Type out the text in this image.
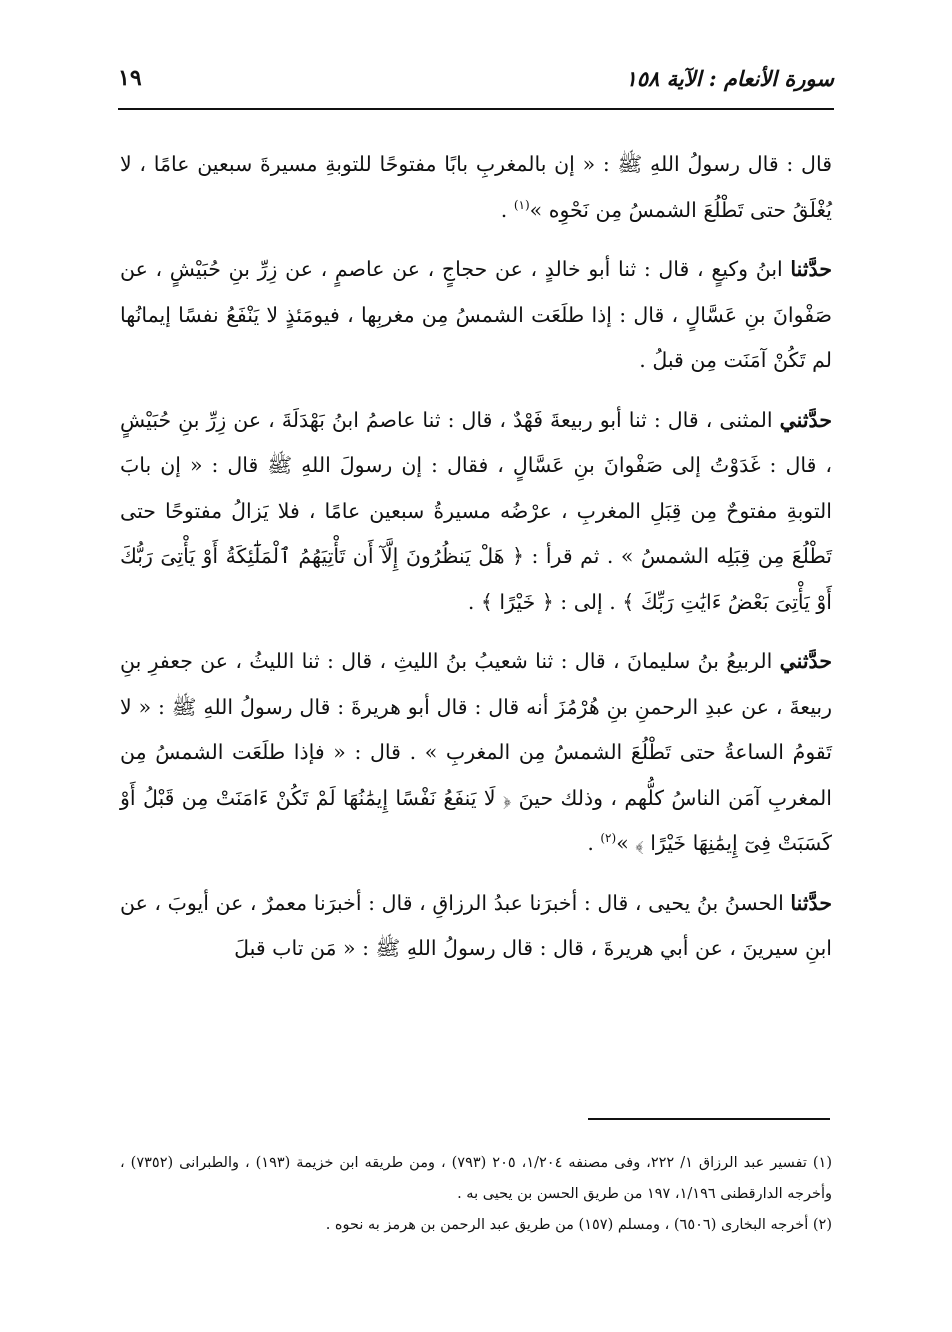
سورة الأنعام : الآية ١٥٨
١٩

قال : قال رسولُ اللهِ ﷺ : « إن بالمغربِ بابًا مفتوحًا للتوبةِ مسيرةَ سبعين عامًا ، لا يُغْلَقُ حتى تَطْلُعَ الشمسُ مِن نَحْوِه »$^{(١)}$ .

حدَّثنا ابنُ وكيعٍ ، قال : ثنا أبو خالدٍ ، عن حجاجٍ ، عن عاصمٍ ، عن زِرِّ بنِ حُبَيْشٍ ، عن صَفْوانَ بنِ عَسَّالٍ ، قال : إذا طلَعَت الشمسُ مِن مغربِها ، فيومَئذٍ لا يَنْفَعُ نفسًا إيمانُها لم تَكُنْ آمَنَت مِن قبلُ .

حدَّثني المثنى ، قال : ثنا أبو ربيعةَ فَهْدٌ ، قال : ثنا عاصمُ ابنُ بَهْدَلَةَ ، عن زِرِّ بنِ حُبَيْشٍ ، قال : غَدَوْتُ إلى صَفْوانَ بنِ عَسَّالٍ ، فقال : إن رسولَ اللهِ ﷺ قال : « إن بابَ التوبةِ مفتوحٌ مِن قِبَلِ المغربِ ، عرْضُه مسيرةُ سبعين عامًا ، فلا يَزالُ مفتوحًا حتى تَطْلُعَ مِن قِبَلِه الشمسُ » . ثم قرأ : ﴿ هَلْ يَنظُرُونَ إِلَّآ أَن تَأْتِيَهُمُ ٱلْمَلَٰٓئِكَةُ أَوْ يَأْتِىَ رَبُّكَ أَوْ يَأْتِىَ بَعْضُ ءَايَٰتِ رَبِّكَ ﴾ . إلى : ﴿ خَيْرًا ﴾ .

حدَّثني الربيعُ بنُ سليمانَ ، قال : ثنا شعيبُ بنُ الليثِ ، قال : ثنا الليثُ ، عن جعفرِ بنِ ربيعةَ ، عن عبدِ الرحمنِ بنِ هُرْمُزَ أنه قال : قال أبو هريرةَ : قال رسولُ اللهِ ﷺ : « لا تَقومُ الساعةُ حتى تَطْلُعَ الشمسُ مِن المغربِ » . قال : « فإذا طلَعَت الشمسُ مِن المغربِ آمَن الناسُ كلُّهم ، وذلك حينَ ﴿ لَا يَنفَعُ نَفْسًا إِيمَٰنُهَا لَمْ تَكُنْ ءَامَنَتْ مِن قَبْلُ أَوْ كَسَبَتْ فِىٓ إِيمَٰنِهَا خَيْرًا ﴾ »$^{(٢)}$ .

حدَّثنا الحسنُ بنُ يحيى ، قال : أخبرَنا عبدُ الرزاقِ ، قال : أخبرَنا معمرٌ ، عن أيوبَ ، عن ابنِ سيرينَ ، عن أبي هريرةَ ، قال : قال رسولُ اللهِ ﷺ : « مَن تاب قبلَ

(١) تفسير عبد الرزاق ١/ ٢٢٢، وفى مصنفه ١/٢٠٤، ٢٠٥ (٧٩٣) ، ومن طريقه ابن خزيمة (١٩٣) ، والطبرانى (٧٣٥٢) ، وأخرجه الدارقطنى ١/١٩٦، ١٩٧ من طريق الحسن بن يحيى به .

(٢) أخرجه البخارى (٦٥٠٦) ، ومسلم (١٥٧) من طريق عبد الرحمن بن هرمز به نحوه .
